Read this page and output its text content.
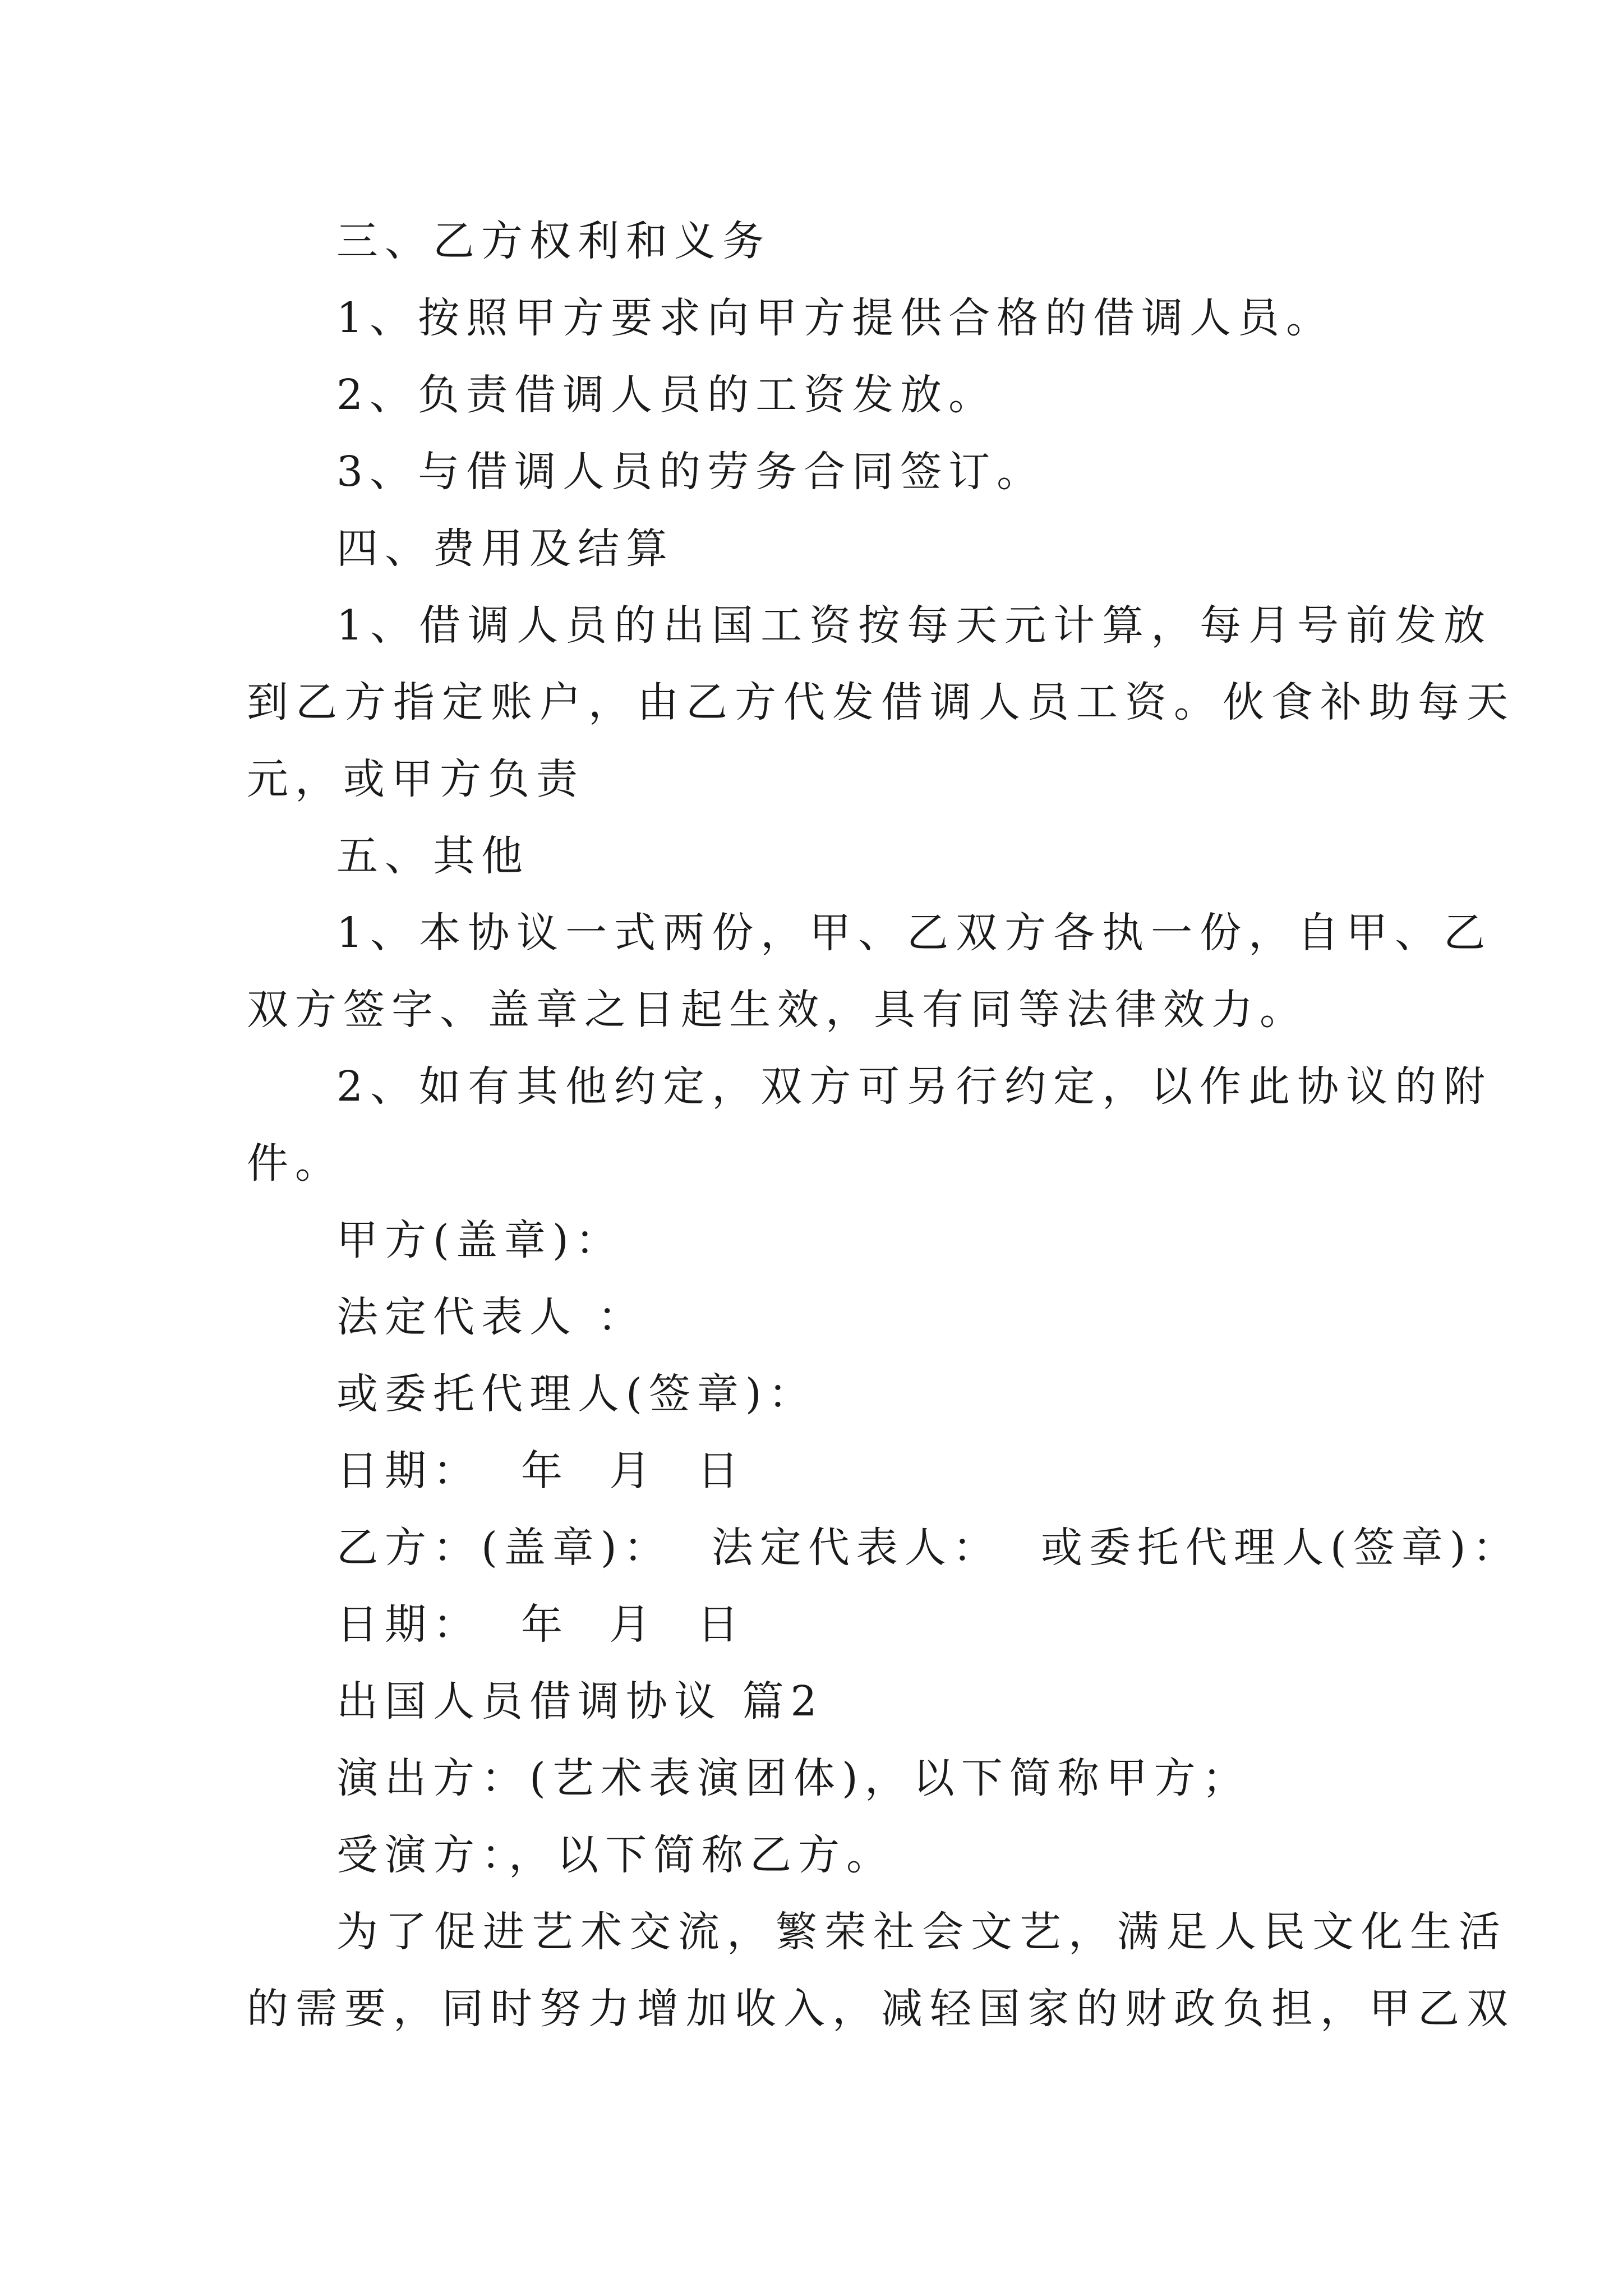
三、乙方权利和义务

1、按照甲方要求向甲方提供合格的借调人员。

2、负责借调人员的工资发放。

3、与借调人员的劳务合同签订。

四、费用及结算

1、借调人员的出国工资按每天元计算，每月号前发放

到乙方指定账户，由乙方代发借调人员工资。伙食补助每天

元，或甲方负责

五、其他

1、本协议一式两份，甲、乙双方各执一份，自甲、乙

双方签字、盖章之日起生效，具有同等法律效力。

2、如有其他约定，双方可另行约定，以作此协议的附

件。

甲方(盖章)：

法定代表人 ：

或委托代理人(签章)：

日期：  年  月  日

乙方：(盖章)：  法定代表人：  或委托代理人(签章)：

日期：  年  月  日

出国人员借调协议 篇2

演出方：(艺术表演团体)，以下简称甲方；

受演方：，以下简称乙方。

为了促进艺术交流，繁荣社会文艺，满足人民文化生活

的需要，同时努力增加收入，减轻国家的财政负担，甲乙双
